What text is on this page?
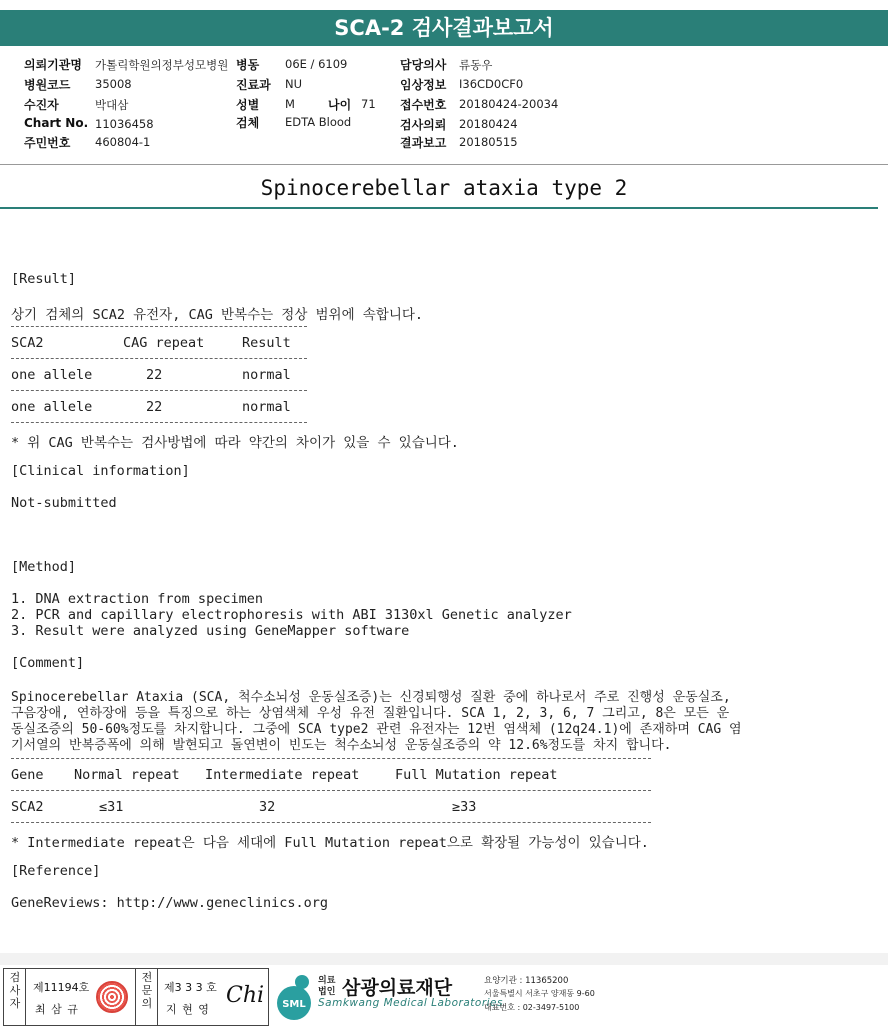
SCA-2 검사결과보고서
의뢰기관명 가톨릭학원의정부성모병원 병동 06E / 6109	담당의사 류동우
병원코드 35008	진료과 NU	임상정보 I36CD0CF0
수진자	박대삼	성별 M	나이 71 접수번호 20180424-20034
Chart No. 11036458	검체 EDTA Blood	검사의뢰 20180424
주민번호 460804-1	결과보고 20180515
Spinocerebellar ataxia type 2
[Result]
상기 검체의 SCA2 유전자, CAG 반복수는 정상 범위에 속합니다.
SCA2	CAG repeat	Result
one allele	22	normal
one allele	22	normal
* 위 CAG 반복수는 검사방법에 따라 약간의 차이가 있을 수 있습니다.
[Clinical information]
Not-submitted
[Method]
1. DNA extraction from specimen
2. PCR and capillary electrophoresis with ABI 3130xl Genetic analyzer
3. Result were analyzed using GeneMapper software
[Comment]
Spinocerebellar Ataxia (SCA, 척수소뇌성 운동실조증)는 신경퇴행성 질환 중에 하나로서 주로 진행성 운동실조,
구음장애, 연하장애 등을 특징으로 하는 상염색체 우성 유전 질환입니다. SCA 1, 2, 3, 6, 7 그리고, 8은 모든 운
동실조증의 50-60%정도를 차지합니다. 그중에 SCA type2 관련 유전자는 12번 염색체 (12q24.1)에 존재하며 CAG 염
기서열의 반복증폭에 의해 발현되고 돌연변이 빈도는 척수소뇌성 운동실조증의 약 12.6%정도를 차지 합니다.
Gene Normal repeat Intermediate repeat	Full Mutation repeat
SCA2	≤31	32	≥33
* Intermediate repeat은 다음 세대에 Full Mutation repeat으로 확장될 가능성이 있습니다.
[Reference]
GeneReviews: http://www.geneclinics.org
검
사
자
제11194호
최 삼 규
전
문
의
제3 3 3 호
지 현 영
Chi SML
의료
법인 삼광의료재단
Samkwang Medical Laboratories
요양기관 : 11365200
서울특별시 서초구 양재동 9-60
대표번호 : 02-3497-5100
